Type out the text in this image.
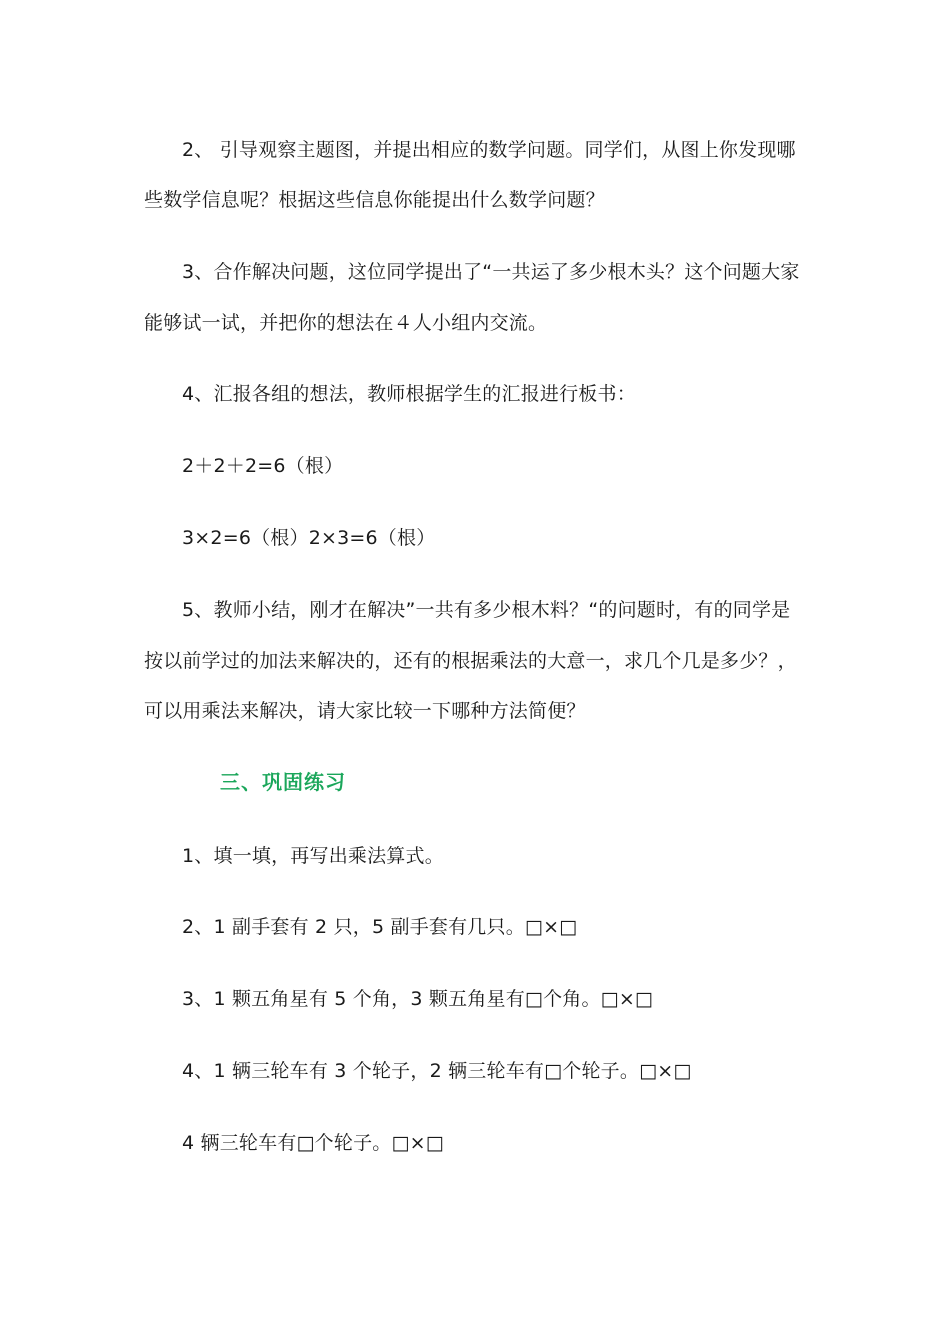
2、 引导观察主题图，并提出相应的数学问题。同学们，从图上你发现哪
些数学信息呢？根据这些信息你能提出什么数学问题？
3、合作解决问题，这位同学提出了“一共运了多少根木头？这个问题大家
能够试一试，并把你的想法在４人小组内交流。
4、汇报各组的想法，教师根据学生的汇报进行板书：
2＋2＋2=6（根）
3×2=6（根）2×3=6（根）
5、教师小结，刚才在解决”一共有多少根木料？“的问题时，有的同学是
按以前学过的加法来解决的，还有的根据乘法的大意一，求几个几是多少？，
可以用乘法来解决，请大家比较一下哪种方法简便？
三、巩固练习
1、填一填，再写出乘法算式。
2、1 副手套有 2 只，5 副手套有几只。□×□
3、1 颗五角星有 5 个角，3 颗五角星有□个角。□×□
4、1 辆三轮车有 3 个轮子，2 辆三轮车有□个轮子。□×□
4 辆三轮车有□个轮子。□×□
